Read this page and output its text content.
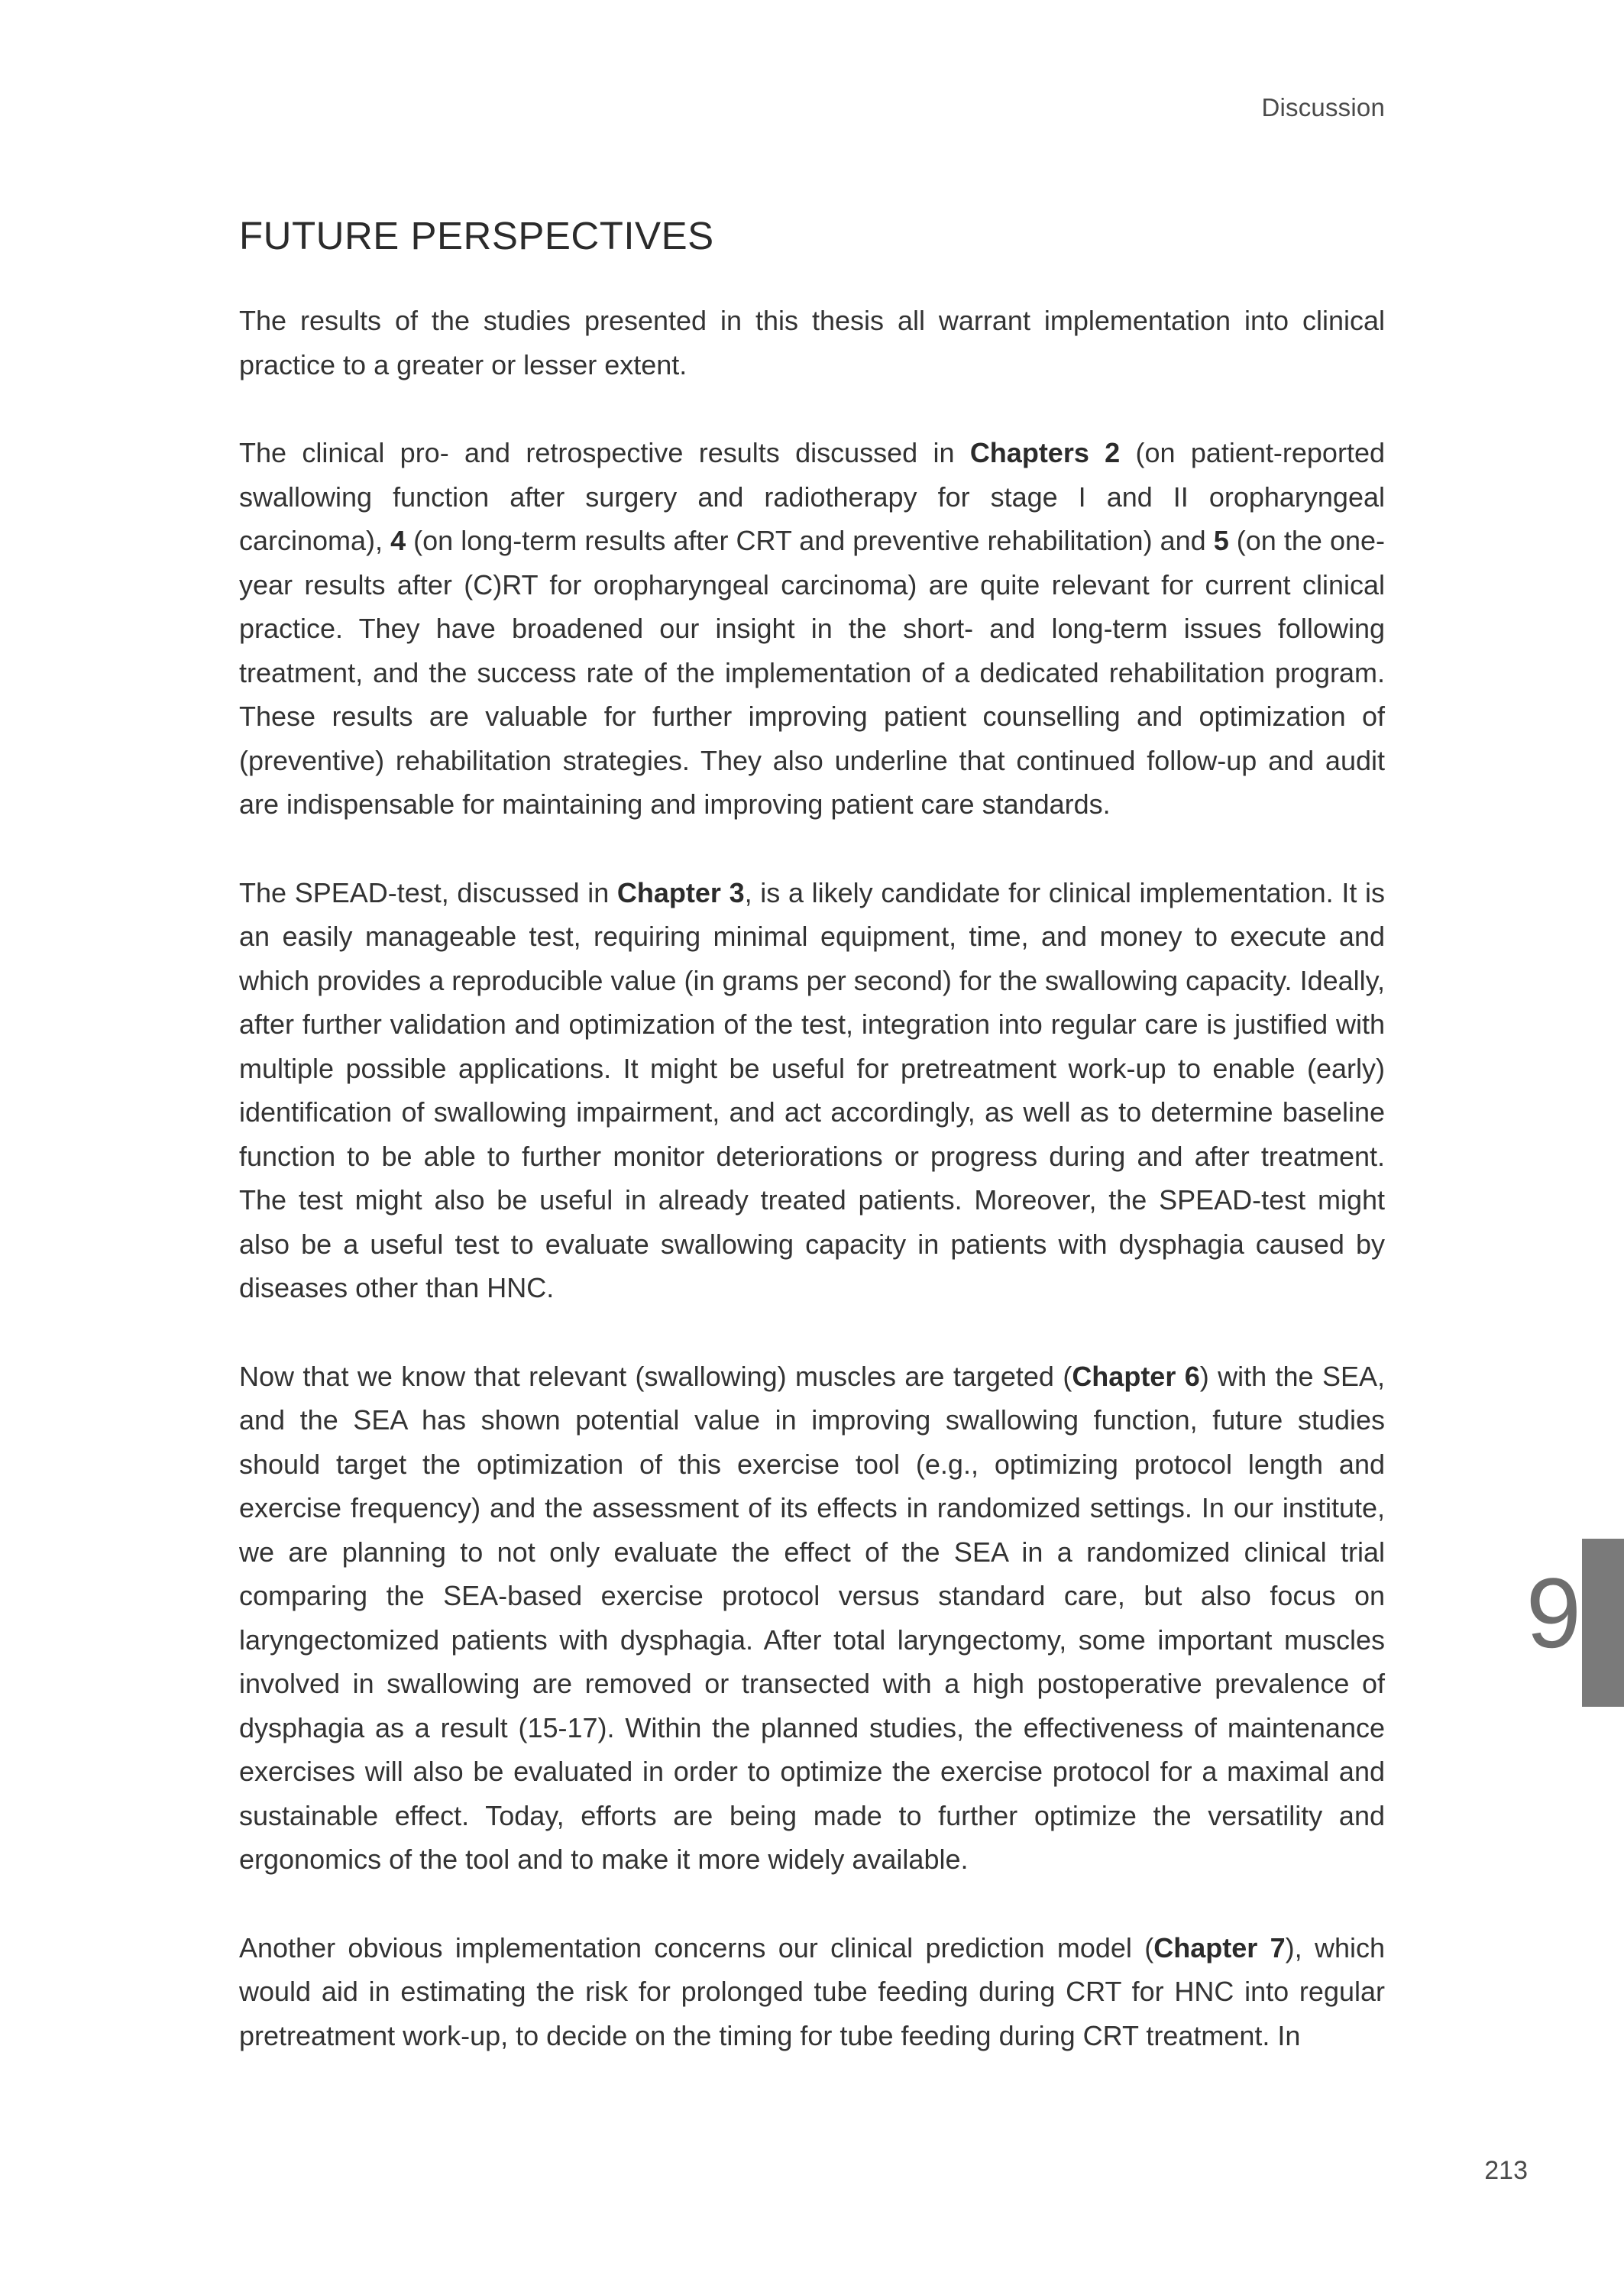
Discussion
FUTURE PERSPECTIVES

The results of the studies presented in this thesis all warrant implementation into clinical practice to a greater or lesser extent.

The clinical pro- and retrospective results discussed in Chapters 2 (on patient-reported swallowing function after surgery and radiotherapy for stage I and II oropharyngeal carcinoma), 4 (on long-term results after CRT and preventive rehabilitation) and 5 (on the one-year results after (C)RT for oropharyngeal carcinoma) are quite relevant for current clinical practice. They have broadened our insight in the short- and long-term issues following treatment, and the success rate of the implementation of a dedicated rehabilitation program. These results are valuable for further improving patient counselling and optimization of (preventive) rehabilitation strategies. They also underline that continued follow-up and audit are indispensable for maintaining and improving patient care standards.

The SPEAD-test, discussed in Chapter 3, is a likely candidate for clinical implementation. It is an easily manageable test, requiring minimal equipment, time, and money to execute and which provides a reproducible value (in grams per second) for the swallowing capacity. Ideally, after further validation and optimization of the test, integration into regular care is justified with multiple possible applications. It might be useful for pretreatment work-up to enable (early) identification of swallowing impairment, and act accordingly, as well as to determine baseline function to be able to further monitor deteriorations or progress during and after treatment. The test might also be useful in already treated patients. Moreover, the SPEAD-test might also be a useful test to evaluate swallowing capacity in patients with dysphagia caused by diseases other than HNC.

Now that we know that relevant (swallowing) muscles are targeted (Chapter 6) with the SEA, and the SEA has shown potential value in improving swallowing function, future studies should target the optimization of this exercise tool (e.g., optimizing protocol length and exercise frequency) and the assessment of its effects in randomized settings. In our institute, we are planning to not only evaluate the effect of the SEA in a randomized clinical trial comparing the SEA-based exercise protocol versus standard care, but also focus on laryngectomized patients with dysphagia. After total laryngectomy, some important muscles involved in swallowing are removed or transected with a high postoperative prevalence of dysphagia as a result (15-17). Within the planned studies, the effectiveness of maintenance exercises will also be evaluated in order to optimize the exercise protocol for a maximal and sustainable effect. Today, efforts are being made to further optimize the versatility and ergonomics of the tool and to make it more widely available.

Another obvious implementation concerns our clinical prediction model (Chapter 7), which would aid in estimating the risk for prolonged tube feeding during CRT for HNC into regular pretreatment work-up, to decide on the timing for tube feeding during CRT treatment. In

9
213
